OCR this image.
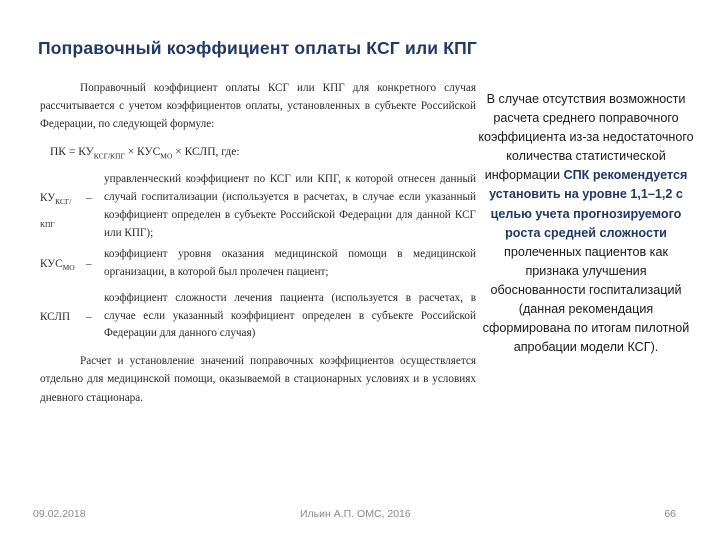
Поправочный коэффициент оплаты КСГ или КПГ

Поправочный коэффициент оплаты КСГ или КПГ для конкретного случая рассчитывается с учетом коэффициентов оплаты, установленных в субъекте Российской Федерации, по следующей формуле:

ПК = $КУ_{КСГ/КПГ} \times КУС_{МО}$ × КСЛП, где:
$КУ_{КСГ/КПГ}$
–
управленческий коэффициент по КСГ или КПГ, к которой отнесен данный случай госпитализации (используется в расчетах, в случае если указанный коэффициент определен в субъекте Российской Федерации для данной КСГ или КПГ);
$КУС_{МО}$	–
коэффициент уровня оказания медицинской помощи в медицинской организации, в которой был пролечен пациент;
КСЛП	–
коэффициент сложности лечения пациента (используется в расчетах, в случае если указанный коэффициент определен в субъекте Российской Федерации для данного случая)

Расчет и установление значений поправочных коэффициентов осуществляется отдельно для медицинской помощи, оказываемой в стационарных условиях и в условиях дневного стационара.

В случае отсутствия возможности расчета среднего поправочного коэффициента из-за недостаточного количества статистической информации СПК рекомендуется установить на уровне 1,1–1,2 с целью учета прогнозируемого роста средней сложности пролеченных пациентов как признака улучшения обоснованности госпитализаций (данная рекомендация сформирована по итогам пилотной апробации модели КСГ).
09.02.2018	Ильин А.П. ОМС, 2016	66
